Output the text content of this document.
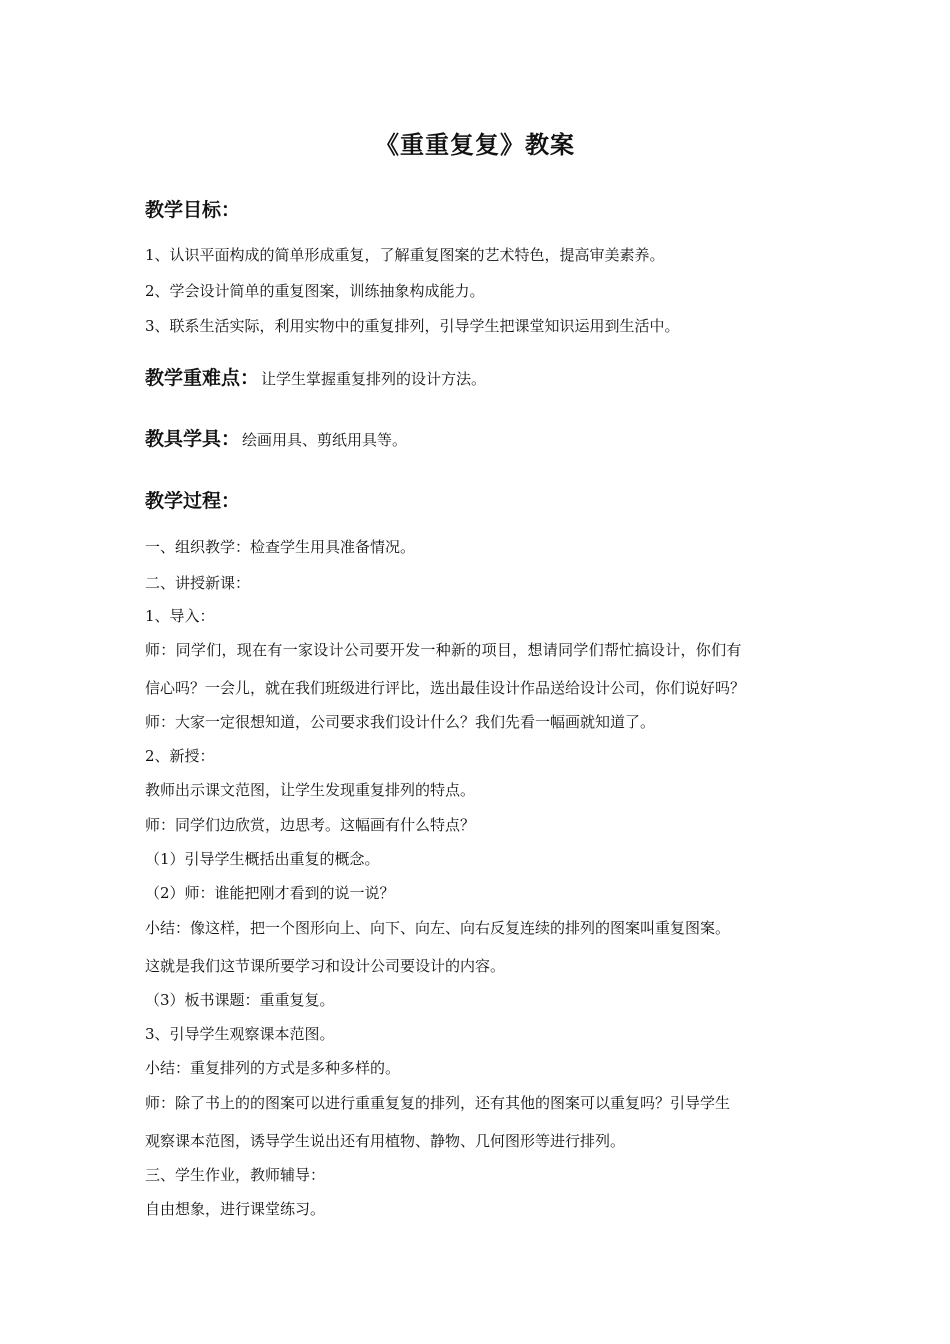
《重重复复》教案
教学目标：
1、认识平面构成的简单形成重复，了解重复图案的艺术特色，提高审美素养。
2、学会设计简单的重复图案，训练抽象构成能力。
3、联系生活实际，利用实物中的重复排列，引导学生把课堂知识运用到生活中。
教学重难点： 让学生掌握重复排列的设计方法。
教具学具： 绘画用具、剪纸用具等。
教学过程：
一、组织教学：检查学生用具准备情况。
二、讲授新课：
1、导入：
师：同学们，现在有一家设计公司要开发一种新的项目，想请同学们帮忙搞设计，你们有
信心吗？一会儿，就在我们班级进行评比，选出最佳设计作品送给设计公司，你们说好吗？
师：大家一定很想知道，公司要求我们设计什么？我们先看一幅画就知道了。
2、新授：
教师出示课文范图，让学生发现重复排列的特点。
师：同学们边欣赏，边思考。这幅画有什么特点？
（1）引导学生概括出重复的概念。
（2）师：谁能把刚才看到的说一说？
小结：像这样，把一个图形向上、向下、向左、向右反复连续的排列的图案叫重复图案。
这就是我们这节课所要学习和设计公司要设计的内容。
（3）板书课题：重重复复。
3、引导学生观察课本范图。
小结：重复排列的方式是多种多样的。
师：除了书上的的图案可以进行重重复复的排列，还有其他的图案可以重复吗？引导学生
观察课本范图，诱导学生说出还有用植物、静物、几何图形等进行排列。
三、学生作业，教师辅导：
自由想象，进行课堂练习。
